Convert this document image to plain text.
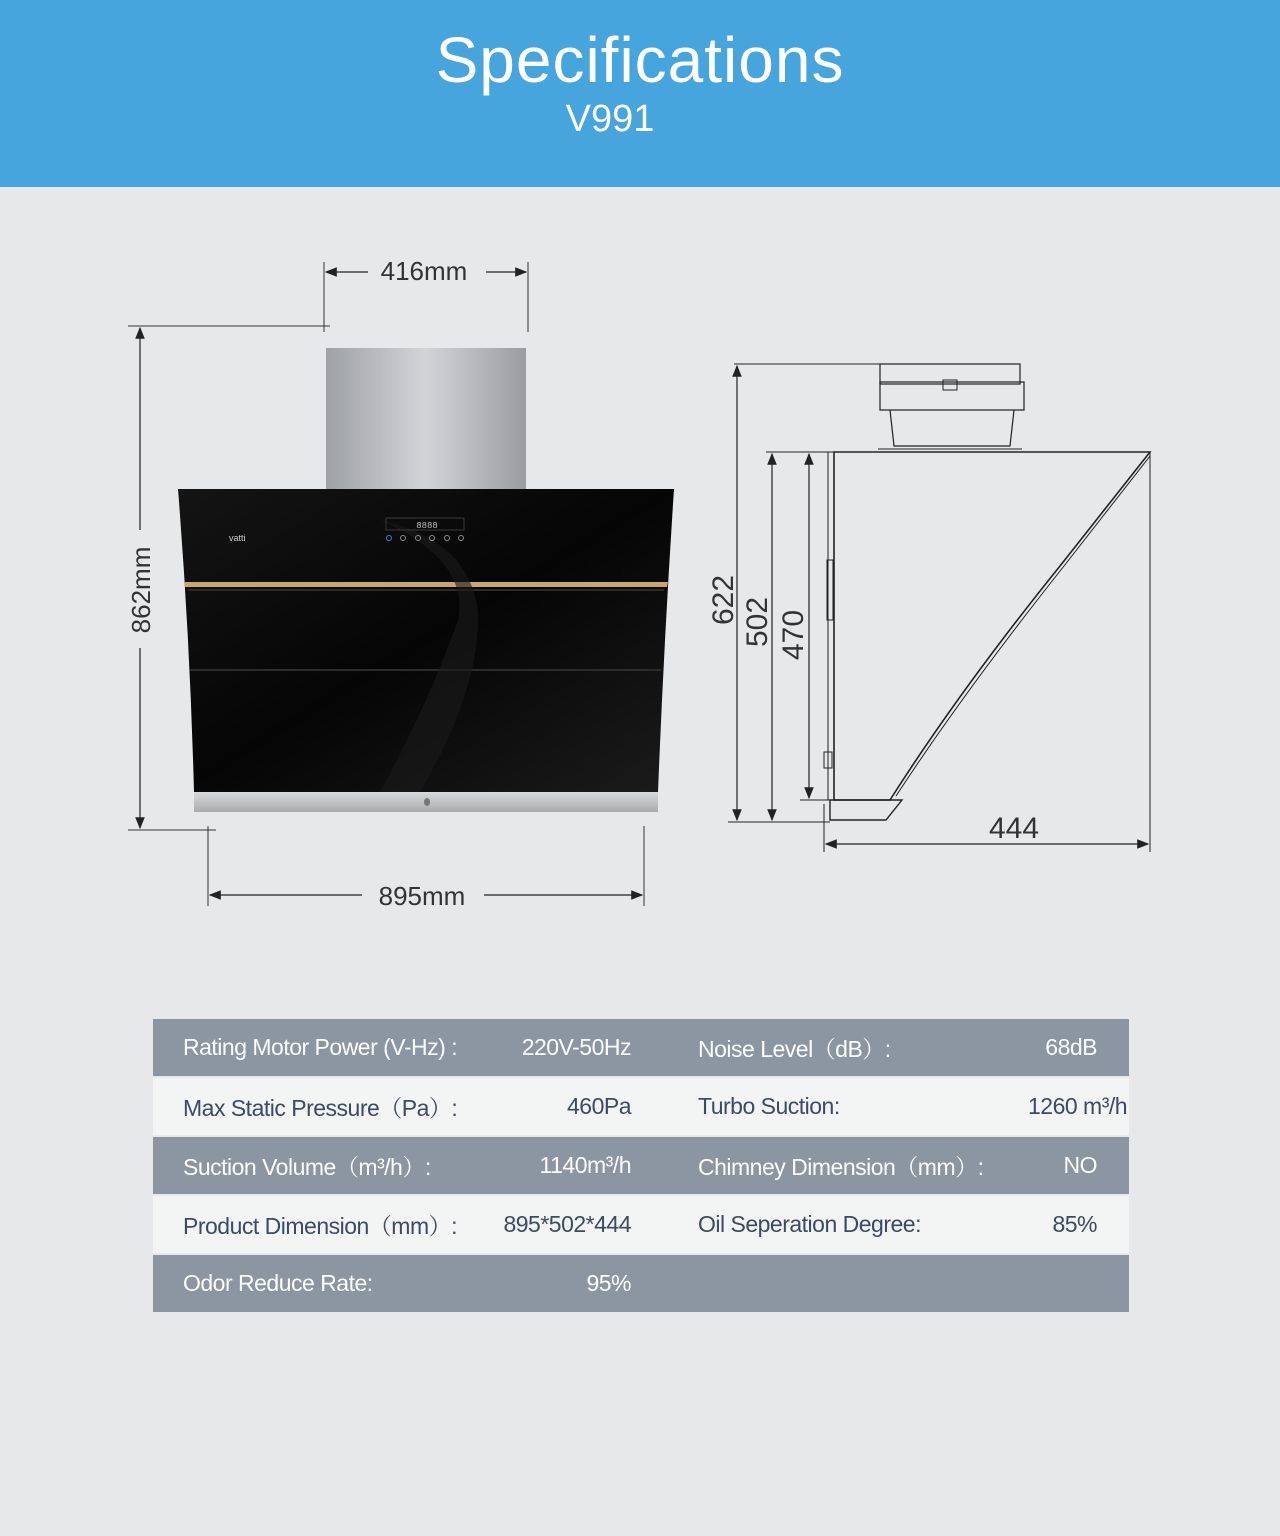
Specifications
V991
416mm
862mm
895mm
vatti
8888
622 502 470
444
Rating Motor Power (V-Hz) :	220V-50Hz	Noise Level（dB）:	68dB
Max Static Pressure（Pa）:	460Pa	Turbo Suction:	1260 m³/h
Suction Volume（m³/h）:	1140m³/h	Chimney Dimension（mm）:	NO
Product Dimension（mm）:	895*502*444	Oil Seperation Degree:	85%
Odor Reduce Rate:	95%		
